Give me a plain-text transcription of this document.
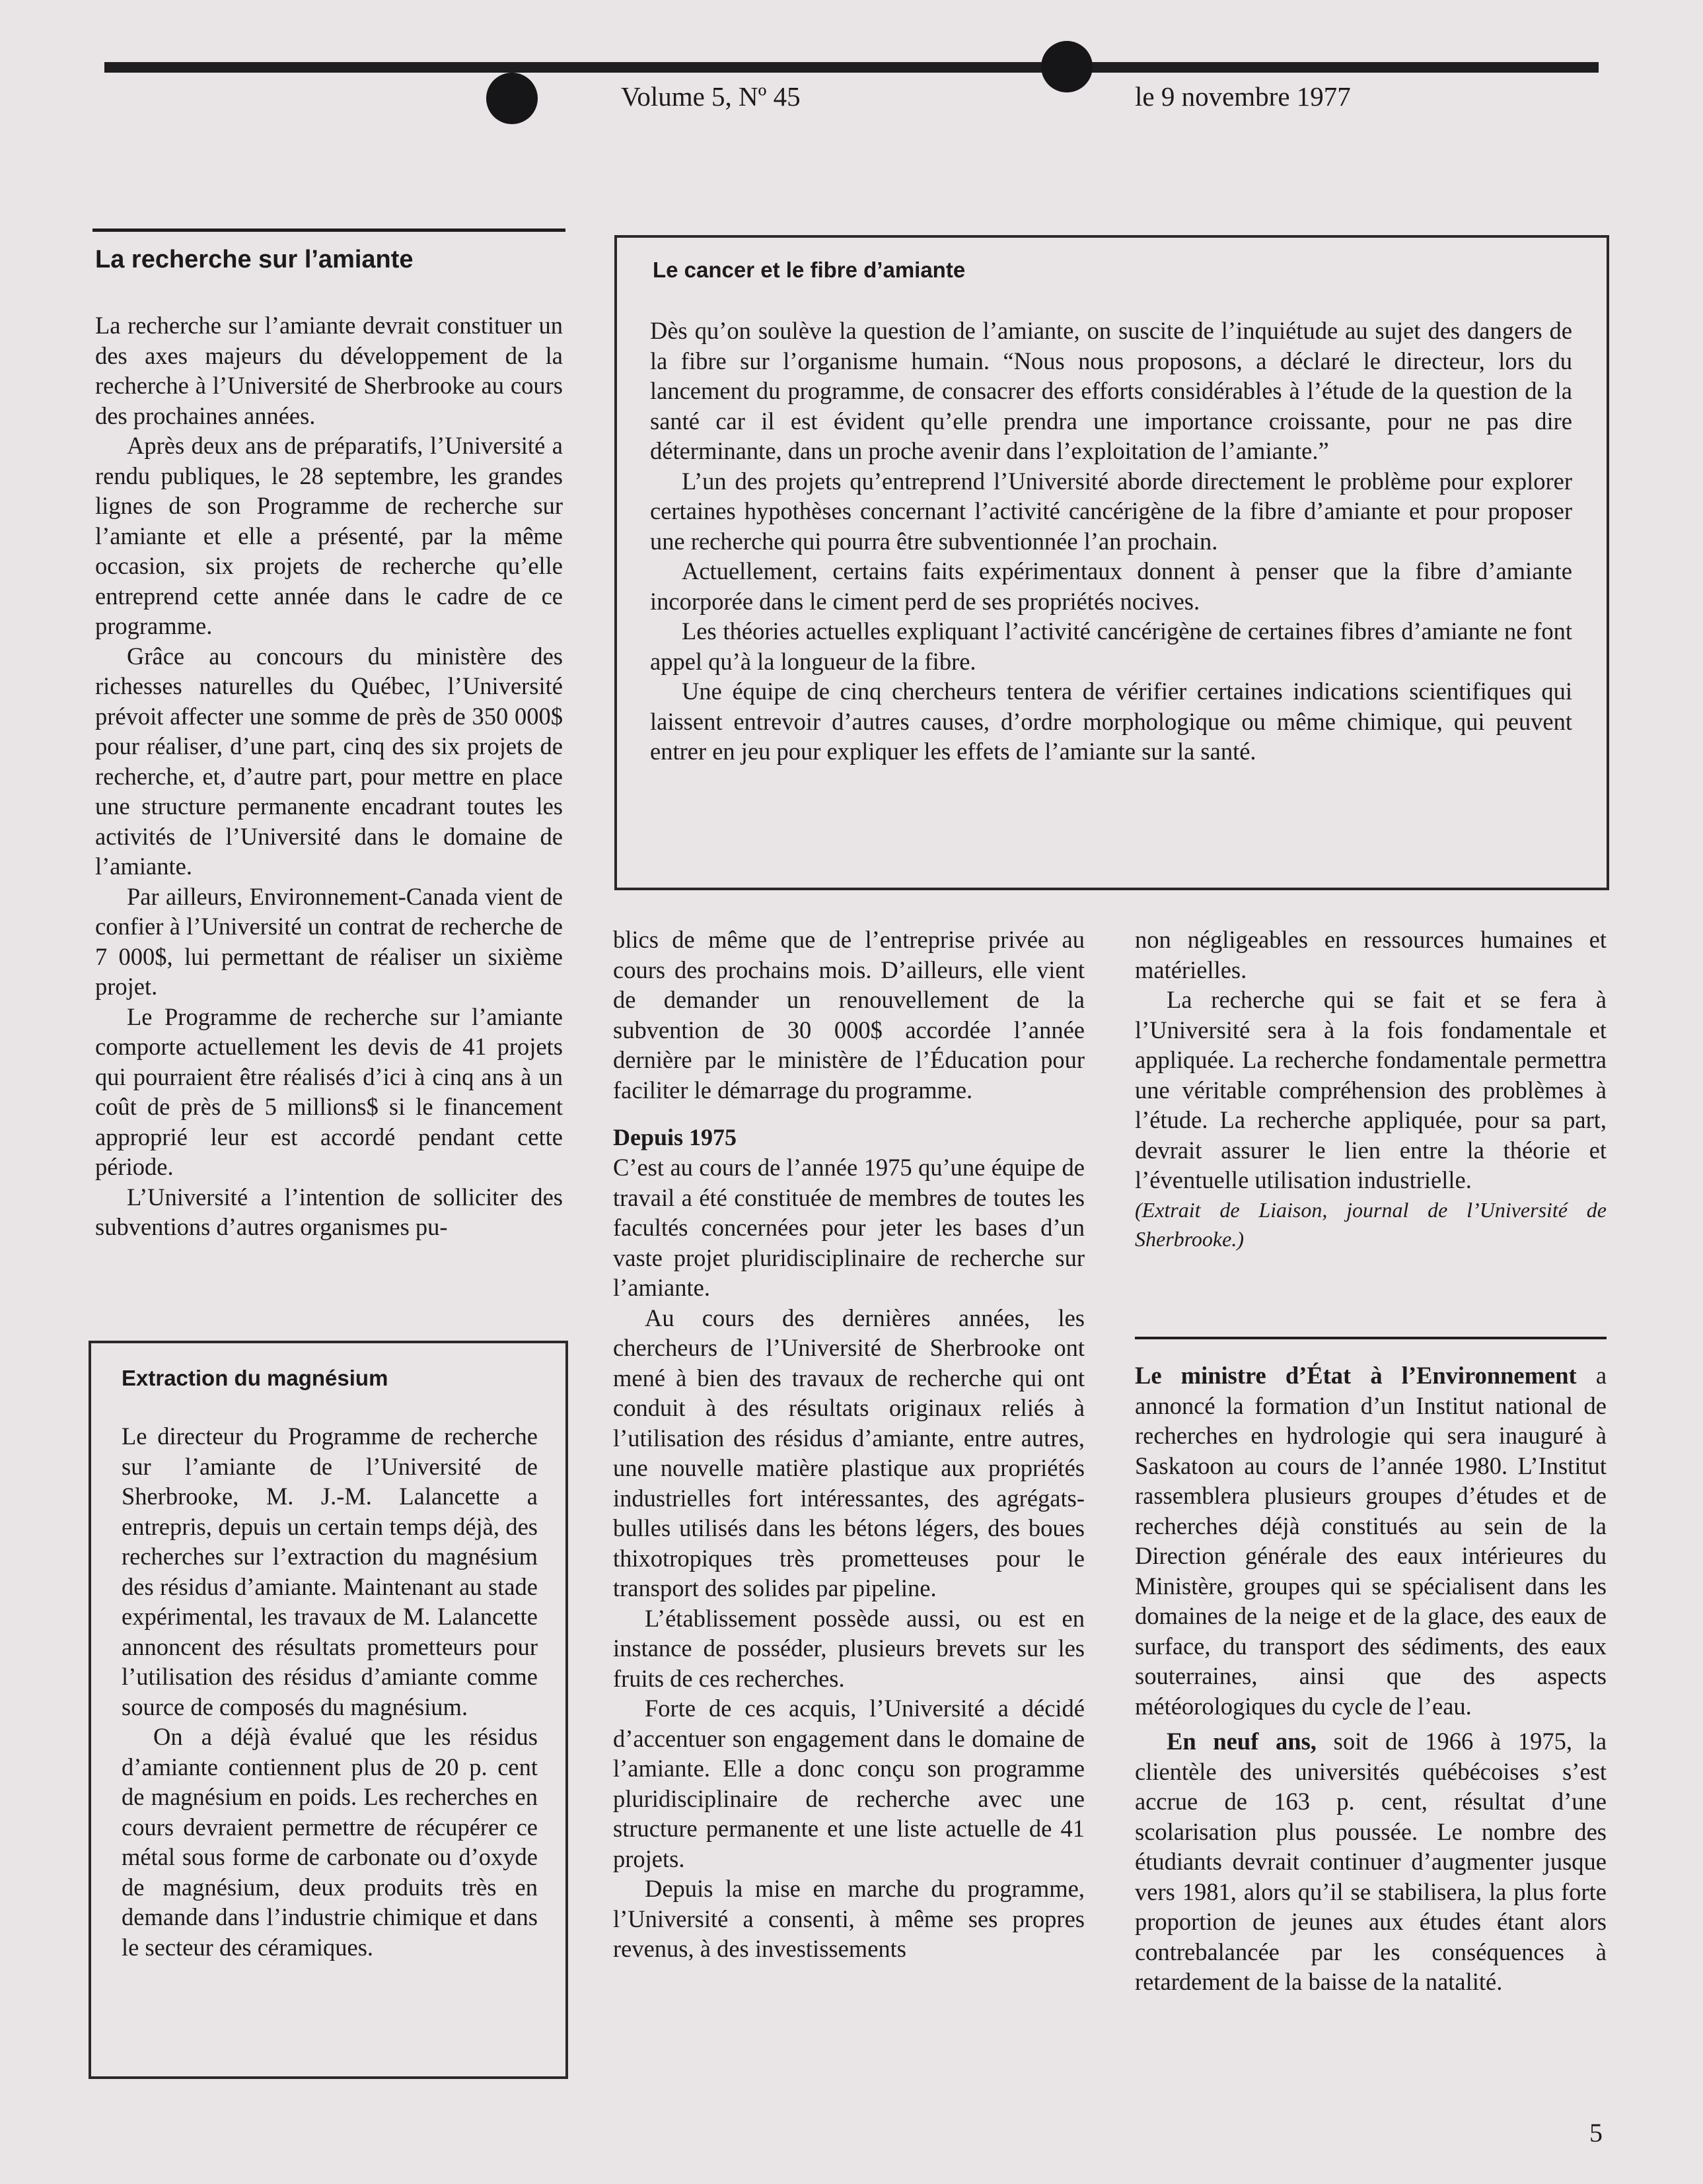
Volume 5, Nº 45	le 9 novembre 1977
La recherche sur l’amiante

La recherche sur l’amiante devrait constituer un des axes majeurs du développement de la recherche à l’Université de Sherbrooke au cours des prochaines années.

Après deux ans de préparatifs, l’Université a rendu publiques, le 28 septembre, les grandes lignes de son Programme de recherche sur l’amiante et elle a présenté, par la même occasion, six projets de recherche qu’elle entreprend cette année dans le cadre de ce programme.

Grâce au concours du ministère des richesses naturelles du Québec, l’Université prévoit affecter une somme de près de 350 000$ pour réaliser, d’une part, cinq des six projets de recherche, et, d’autre part, pour mettre en place une structure permanente encadrant toutes les activités de l’Université dans le domaine de l’amiante.

Par ailleurs, Environnement-Canada vient de confier à l’Université un contrat de recherche de 7 000$, lui permettant de réaliser un sixième projet.

Le Programme de recherche sur l’amiante comporte actuellement les devis de 41 projets qui pourraient être réalisés d’ici à cinq ans à un coût de près de 5 millions$ si le financement approprié leur est accordé pendant cette période.

L’Université a l’intention de solliciter des subventions d’autres organismes pu-

Le cancer et le fibre d’amiante

Dès qu’on soulève la question de l’amiante, on suscite de l’inquiétude au sujet des dangers de la fibre sur l’organisme humain. “Nous nous proposons, a déclaré le directeur, lors du lancement du programme, de consacrer des efforts considérables à l’étude de la question de la santé car il est évident qu’elle prendra une importance croissante, pour ne pas dire déterminante, dans un proche avenir dans l’exploitation de l’amiante.”

L’un des projets qu’entreprend l’Université aborde directement le problème pour explorer certaines hypothèses concernant l’activité cancérigène de la fibre d’amiante et pour proposer une recherche qui pourra être subventionnée l’an prochain.

Actuellement, certains faits expérimentaux donnent à penser que la fibre d’amiante incorporée dans le ciment perd de ses propriétés nocives.

Les théories actuelles expliquant l’activité cancérigène de certaines fibres d’amiante ne font appel qu’à la longueur de la fibre.

Une équipe de cinq chercheurs tentera de vérifier certaines indications scientifiques qui laissent entrevoir d’autres causes, d’ordre morphologique ou même chimique, qui peuvent entrer en jeu pour expliquer les effets de l’amiante sur la santé.

Extraction du magnésium

Le directeur du Programme de recherche sur l’amiante de l’Université de Sherbrooke, M. J.-M. Lalancette a entrepris, depuis un certain temps déjà, des recherches sur l’extraction du magnésium des résidus d’amiante. Maintenant au stade expérimental, les travaux de M. Lalancette annoncent des résultats prometteurs pour l’utilisation des résidus d’amiante comme source de composés du magnésium.

On a déjà évalué que les résidus d’amiante contiennent plus de 20 p. cent de magnésium en poids. Les recherches en cours devraient permettre de récupérer ce métal sous forme de carbonate ou d’oxyde de magnésium, deux produits très en demande dans l’industrie chimique et dans le secteur des céramiques.

blics de même que de l’entreprise privée au cours des prochains mois. D’ailleurs, elle vient de demander un renouvellement de la subvention de 30 000$ accordée l’année dernière par le ministère de l’Éducation pour faciliter le démarrage du programme.

Depuis 1975

C’est au cours de l’année 1975 qu’une équipe de travail a été constituée de membres de toutes les facultés concernées pour jeter les bases d’un vaste projet pluridisciplinaire de recherche sur l’amiante.

Au cours des dernières années, les chercheurs de l’Université de Sherbrooke ont mené à bien des travaux de recherche qui ont conduit à des résultats originaux reliés à l’utilisation des résidus d’amiante, entre autres, une nouvelle matière plastique aux propriétés industrielles fort intéressantes, des agrégats-bulles utilisés dans les bétons légers, des boues thixotropiques très prometteuses pour le transport des solides par pipeline.

L’établissement possède aussi, ou est en instance de posséder, plusieurs brevets sur les fruits de ces recherches.

Forte de ces acquis, l’Université a décidé d’accentuer son engagement dans le domaine de l’amiante. Elle a donc conçu son programme pluridisciplinaire de recherche avec une structure permanente et une liste actuelle de 41 projets.

Depuis la mise en marche du programme, l’Université a consenti, à même ses propres revenus, à des investissements

non négligeables en ressources humaines et matérielles.

La recherche qui se fait et se fera à l’Université sera à la fois fondamentale et appliquée. La recherche fondamentale permettra une véritable compréhension des problèmes à l’étude. La recherche appliquée, pour sa part, devrait assurer le lien entre la théorie et l’éventuelle utilisation industrielle.

(Extrait de Liaison, journal de l’Université de Sherbrooke.)

Le ministre d’État à l’Environnement a annoncé la formation d’un Institut national de recherches en hydrologie qui sera inauguré à Saskatoon au cours de l’année 1980. L’Institut rassemblera plusieurs groupes d’études et de recherches déjà constitués au sein de la Direction générale des eaux intérieures du Ministère, groupes qui se spécialisent dans les domaines de la neige et de la glace, des eaux de surface, du transport des sédiments, des eaux souterraines, ainsi que des aspects météorologiques du cycle de l’eau.

En neuf ans, soit de 1966 à 1975, la clientèle des universités québécoises s’est accrue de 163 p. cent, résultat d’une scolarisation plus poussée. Le nombre des étudiants devrait continuer d’augmenter jusque vers 1981, alors qu’il se stabilisera, la plus forte proportion de jeunes aux études étant alors contrebalancée par les conséquences à retardement de la baisse de la natalité.

5
